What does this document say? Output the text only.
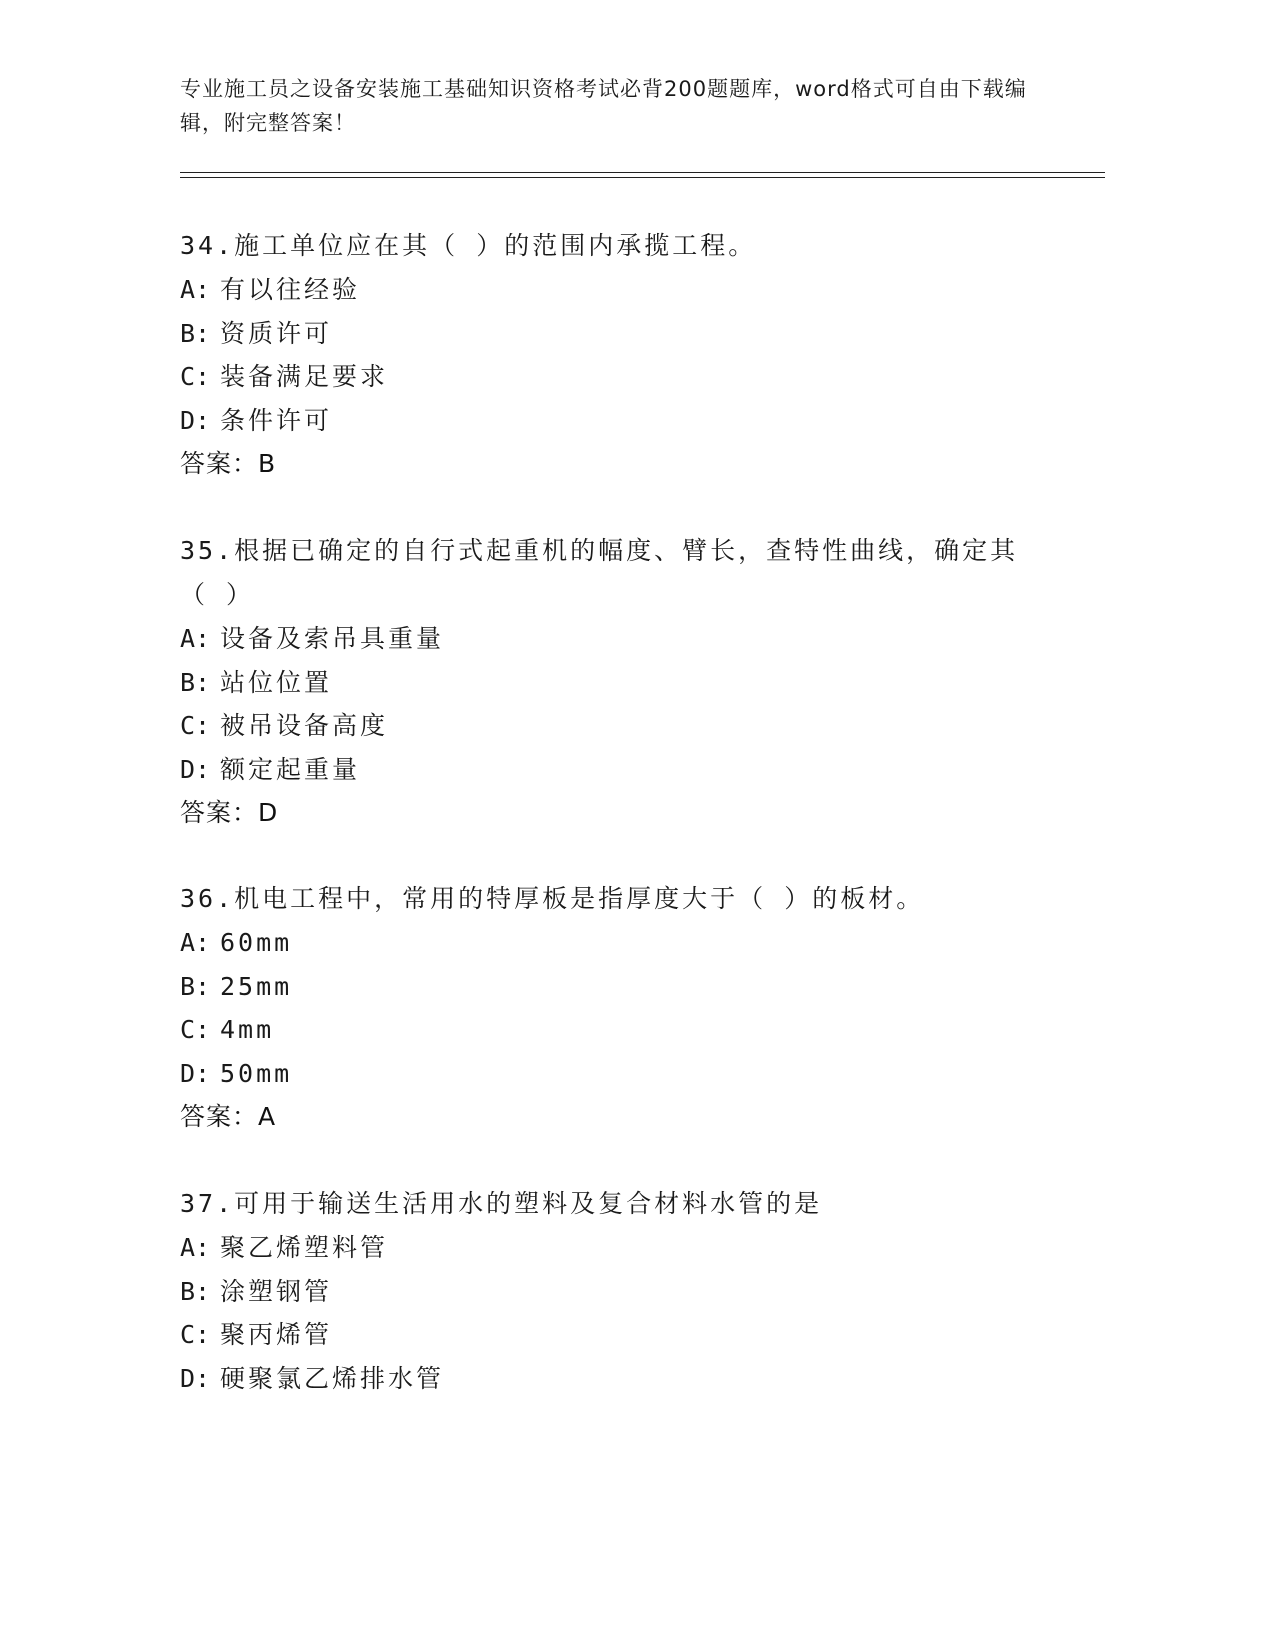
专业施工员之设备安装施工基础知识资格考试必背200题题库，word格式可自由下载编辑，附完整答案！

34.施工单位应在其（ ）的范围内承揽工程。

A: 有以往经验
B: 资质许可
C: 装备满足要求
D: 条件许可
答案：B

35.根据已确定的自行式起重机的幅度、臂长，查特性曲线，确定其（ ）

A: 设备及索吊具重量
B: 站位位置
C: 被吊设备高度
D: 额定起重量
答案：D

36.机电工程中，常用的特厚板是指厚度大于（ ）的板材。

A: 60mm
B: 25mm
C: 4mm
D: 50mm
答案：A

37.可用于输送生活用水的塑料及复合材料水管的是

A: 聚乙烯塑料管
B: 涂塑钢管
C: 聚丙烯管
D: 硬聚氯乙烯排水管
